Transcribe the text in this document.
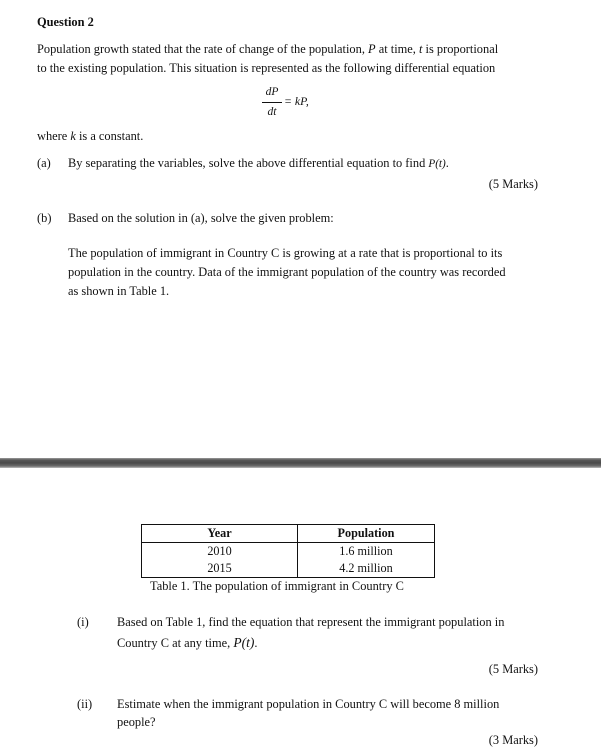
Question 2
Population growth stated that the rate of change of the population, P at time, t is proportional
to the existing population. This situation is represented as the following differential equation
dP
dt
= kP,
where k is a constant.
(a) By separating the variables, solve the above differential equation to find P(t).
(5 Marks)
(b) Based on the solution in (a), solve the given problem:
The population of immigrant in Country C is growing at a rate that is proportional to its
population in the country. Data of the immigrant population of the country was recorded
as shown in Table 1.
Year	Population
2010	1.6 million
2015	4.2 million
Table 1. The population of immigrant in Country C
(i) Based on Table 1, find the equation that represent the immigrant population in
Country C at any time, P(t).
(5 Marks)
(ii) Estimate when the immigrant population in Country C will become 8 million
people?
(3 Marks)
